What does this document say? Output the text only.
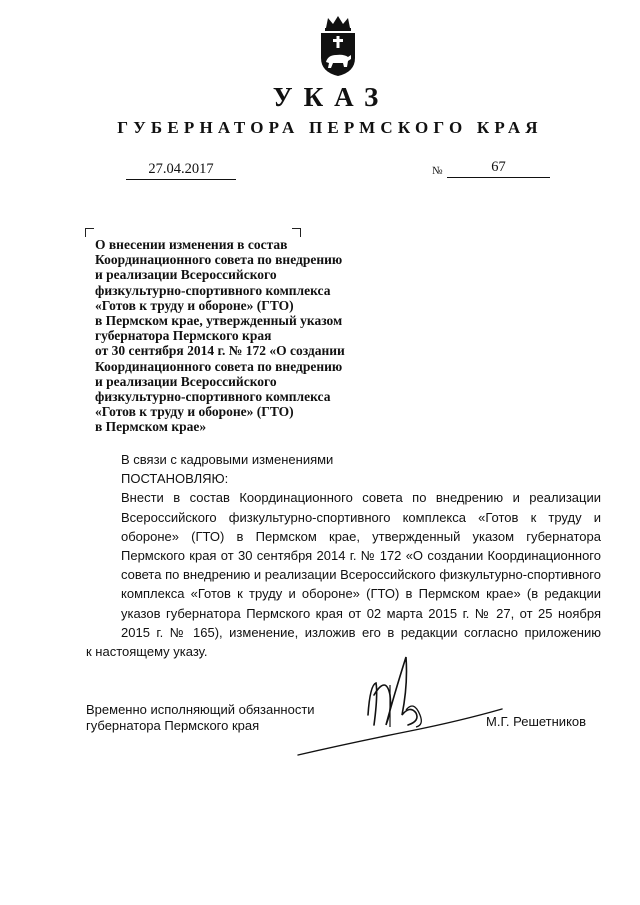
УКАЗ
ГУБЕРНАТОРА ПЕРМСКОГО КРАЯ
27.04.2017	№	67
О внесении изменения в состав
Координационного совета по внедрению
и реализации Всероссийского
физкультурно-спортивного комплекса
«Готов к труду и обороне» (ГТО)
в Пермском крае, утвержденный указом
губернатора Пермского края
от 30 сентября 2014 г. № 172 «О создании
Координационного совета по внедрению
и реализации Всероссийского
физкультурно-спортивного комплекса
«Готов к труду и обороне» (ГТО)
в Пермском крае»
В связи с кадровыми изменениями
ПОСТАНОВЛЯЮ:
Внести в состав Координационного совета по внедрению и реализации Всероссийского физкультурно-спортивного комплекса «Готов к труду и обороне» (ГТО) в Пермском крае, утвержденный указом губернатора Пермского края от 30 сентября 2014 г. № 172 «О создании Координационного совета по внедрению и реализации Всероссийского физкультурно-спортивного комплекса «Готов к труду и обороне» (ГТО) в Пермском крае» (в редакции указов губернатора Пермского края от 02 марта 2015 г. № 27, от 25 ноября 2015 г. № 165), изменение, изложив его в редакции согласно приложению
к настоящему указу.
Временно исполняющий обязанности
губернатора Пермского края	М.Г. Решетников
